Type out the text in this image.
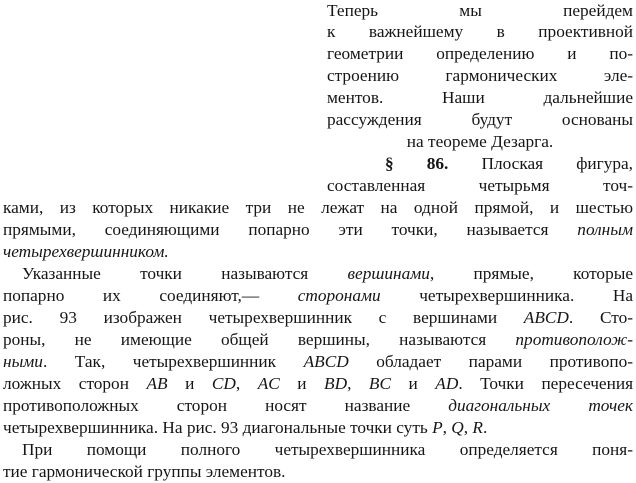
Теперь мы перейдем
к важнейшему в проективной
геометрии определению и по-
строению гармонических эле-
ментов. Наши дальнейшие
рассуждения будут основаны
на теореме Дезарга.
§ 86. Плоская фигура,
составленная четырьмя точ-
ками, из которых никакие три не лежат на одной прямой, и шестью
прямыми, соединяющими попарно эти точки, называется полным
четырехвершинником.
Указанные точки называются вершинами, прямые, которые
попарно их соединяют,— сторонами четырехвершинника. На
рис. 93 изображен четырехвершинник с вершинами ABCD. Сто-
роны, не имеющие общей вершины, называются противополож-
ными. Так, четырехвершинник ABCD обладает парами противопо-
ложных сторон AB и CD, AC и BD, BC и AD. Точки пересечения
противоположных сторон носят название диагональных точек
четырехвершинника. На рис. 93 диагональные точки суть P, Q, R.
При помощи полного четырехвершинника определяется поня-
тие гармонической группы элементов.
